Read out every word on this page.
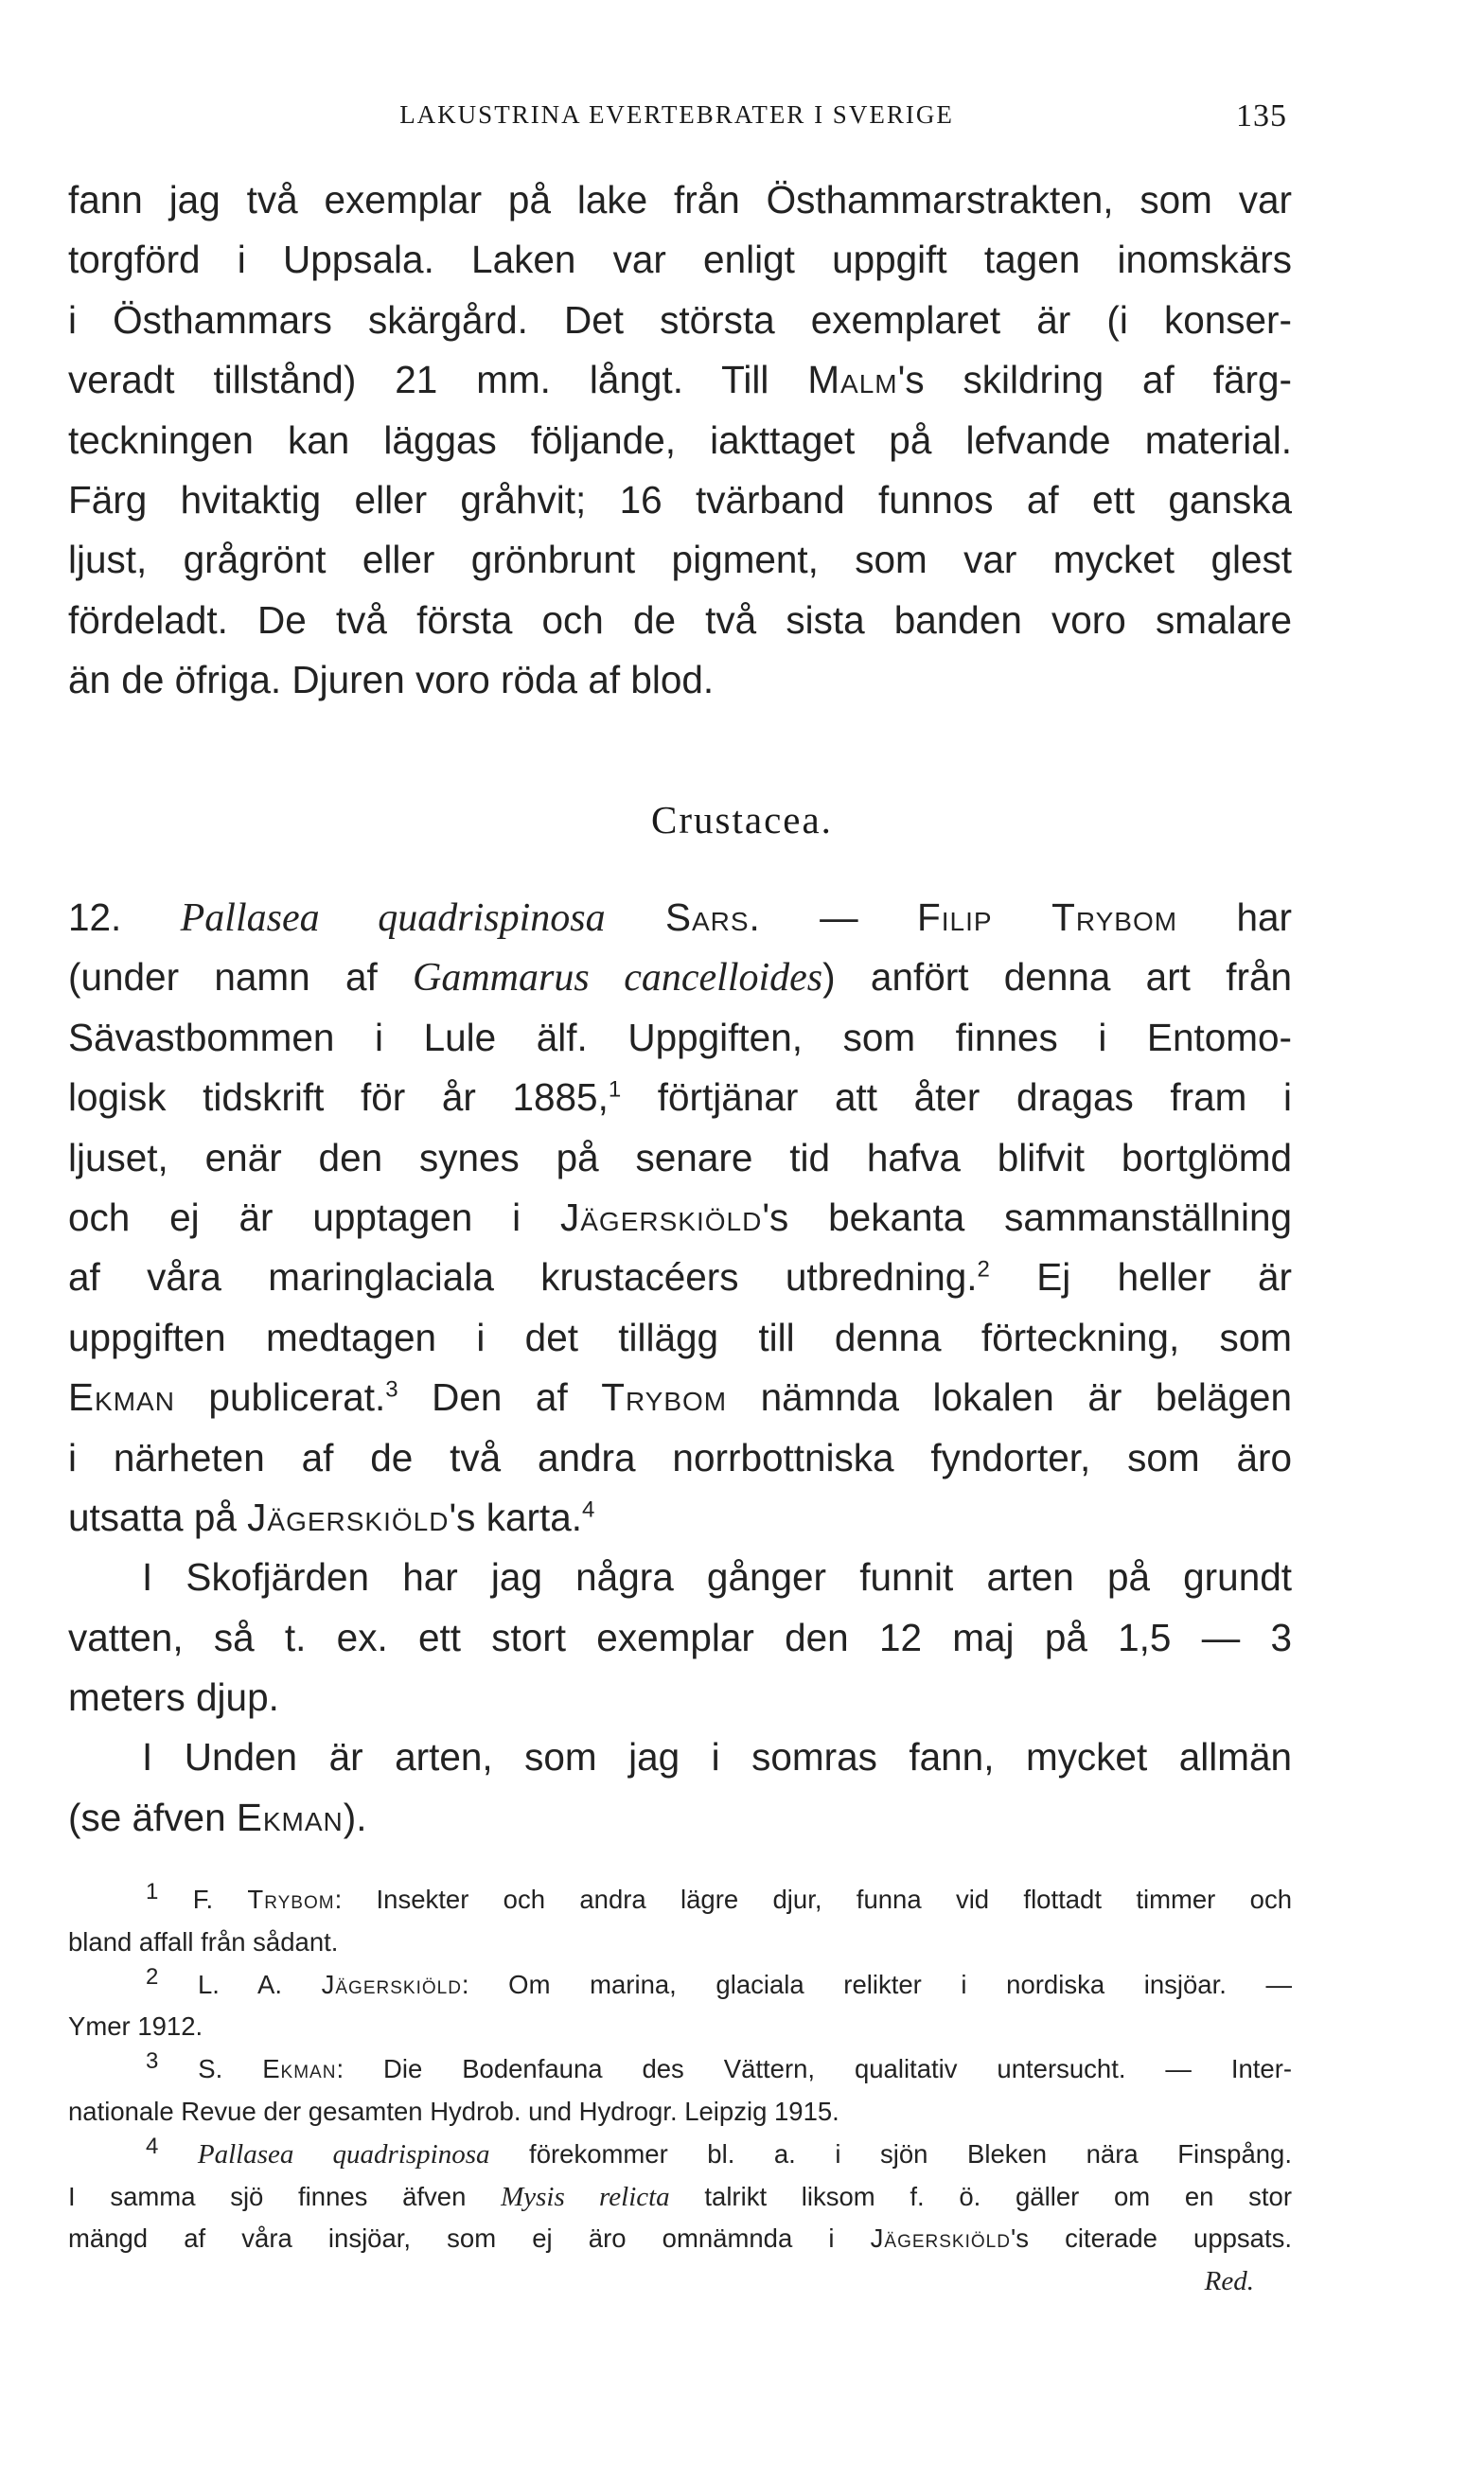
LAKUSTRINA EVERTEBRATER I SVERIGE	135
fann jag två exemplar på lake från Östhammarstrakten, som var
torgförd i Uppsala. Laken var enligt uppgift tagen inomskärs
i Östhammars skärgård. Det största exemplaret är (i konser-
veradt tillstånd) 21 mm. långt. Till Malm's skildring af färg-
teckningen kan läggas följande, iakttaget på lefvande material.
Färg hvitaktig eller gråhvit; 16 tvärband funnos af ett ganska
ljust, grågrönt eller grönbrunt pigment, som var mycket glest
fördeladt. De två första och de två sista banden voro smalare
än de öfriga. Djuren voro röda af blod.
Crustacea.
12. Pallasea quadrispinosa Sars. — Filip Trybom har
(under namn af Gammarus cancelloides) anfört denna art från
Sävastbommen i Lule älf. Uppgiften, som finnes i Entomo-
logisk tidskrift för år 1885,$^1$ förtjänar att åter dragas fram i
ljuset, enär den synes på senare tid hafva blifvit bortglömd
och ej är upptagen i Jägerskiöld's bekanta sammanställning
af våra maringlaciala krustacéers utbredning.$^2$ Ej heller är
uppgiften medtagen i det tillägg till denna förteckning, som
Ekman publicerat.$^3$ Den af Trybom nämnda lokalen är belägen
i närheten af de två andra norrbottniska fyndorter, som äro
utsatta på Jägerskiöld's karta.$^4$
I Skofjärden har jag några gånger funnit arten på grundt
vatten, så t. ex. ett stort exemplar den 12 maj på 1,5 — 3
meters djup.
I Unden är arten, som jag i somras fann, mycket allmän
(se äfven Ekman).
$^1$ F. Trybom: Insekter och andra lägre djur, funna vid flottadt timmer och
bland affall från sådant.
$^2$ L. A. Jägerskiöld: Om marina, glaciala relikter i nordiska insjöar. —
Ymer 1912.
$^3$ S. Ekman: Die Bodenfauna des Vättern, qualitativ untersucht. — Inter-
nationale Revue der gesamten Hydrob. und Hydrogr. Leipzig 1915.
$^4$ Pallasea quadrispinosa förekommer bl. a. i sjön Bleken nära Finspång.
I samma sjö finnes äfven Mysis relicta talrikt liksom f. ö. gäller om en stor
mängd af våra insjöar, som ej äro omnämnda i Jägerskiöld's citerade uppsats.
Red.
